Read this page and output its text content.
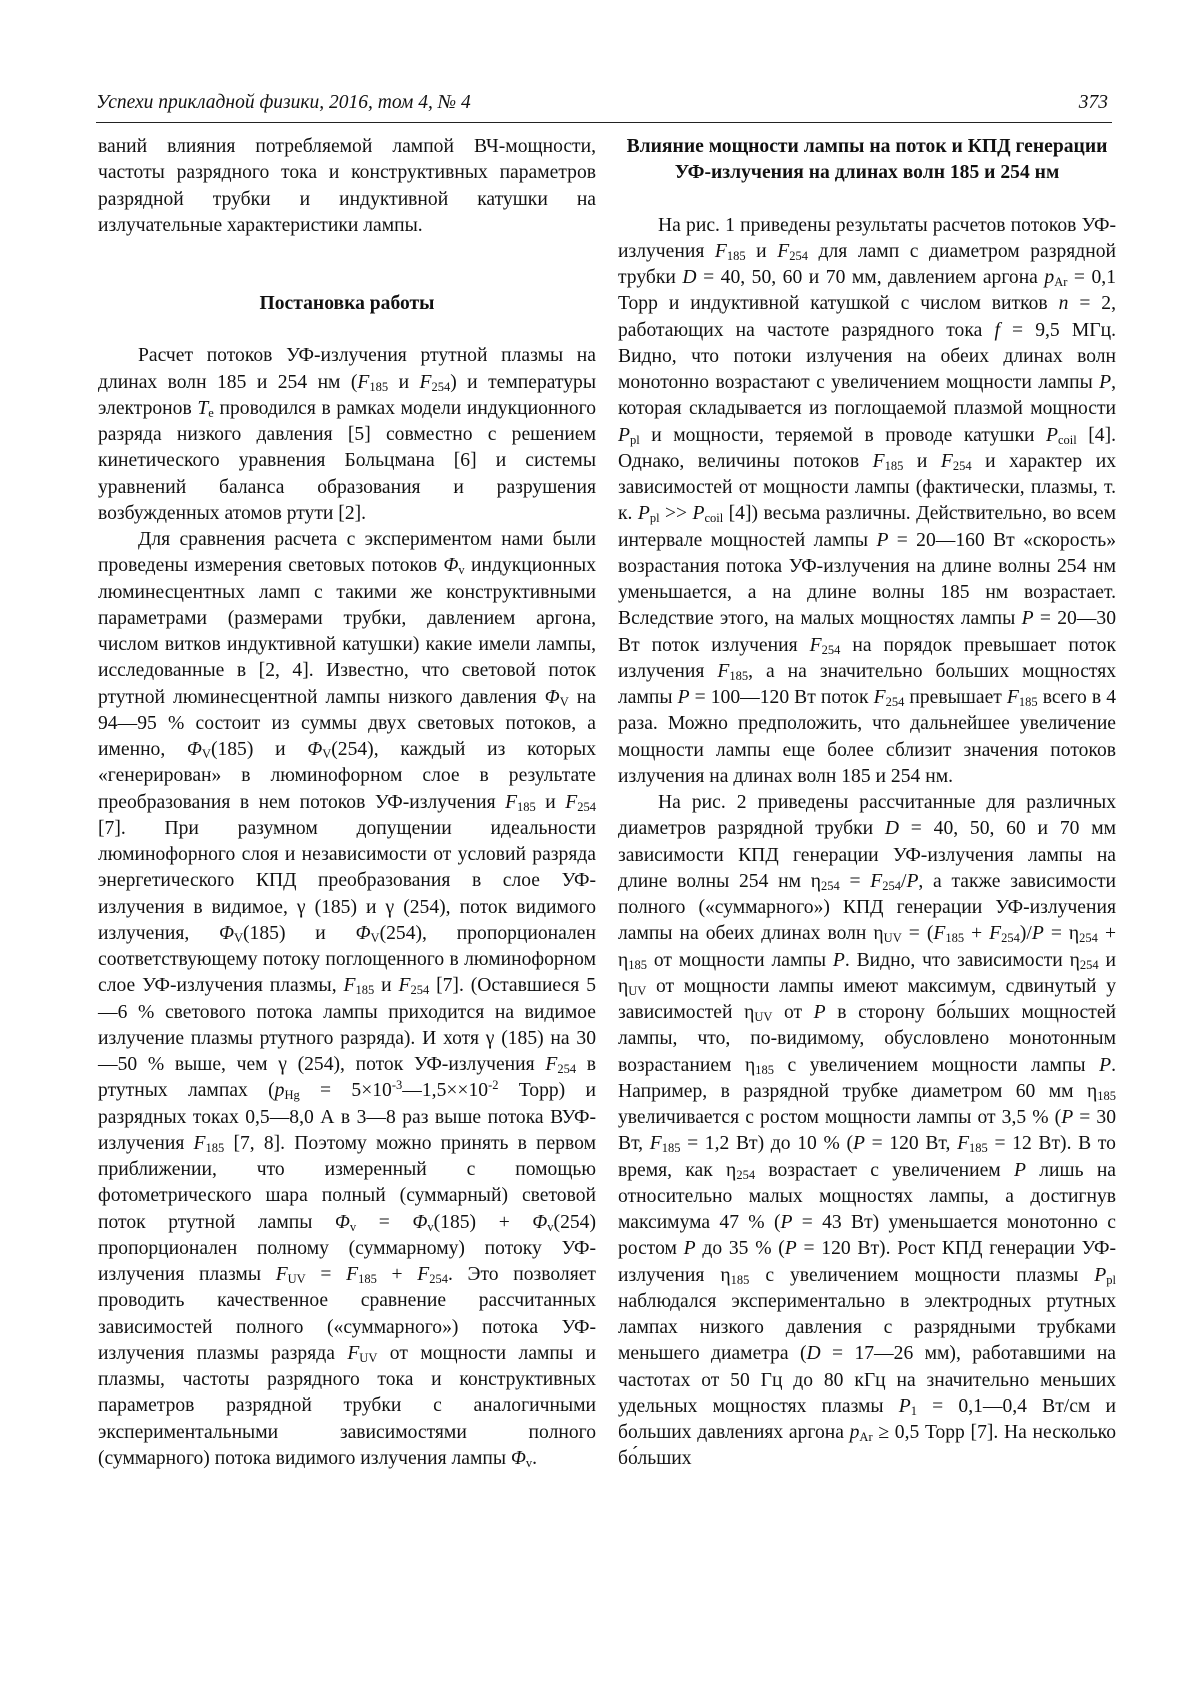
Успехи прикладной физики, 2016, том 4, № 4	373

ваний влияния потребляемой лампой ВЧ-мощности, частоты разрядного тока и конструктивных параметров разрядной трубки и индуктивной катушки на излучательные характеристики лампы.

Постановка работы

Расчет потоков УФ-излучения ртутной плазмы на длинах волн 185 и 254 нм ($F_{185}$ и $F_{254}$) и температуры электронов $T_e$ проводился в рамках модели индукционного разряда низкого давления [5] совместно с решением кинетического уравнения Больцмана [6] и системы уравнений баланса образования и разрушения возбужденных атомов ртути [2].

Для сравнения расчета с экспериментом нами были проведены измерения световых потоков $\Phi_v$ индукционных люминесцентных ламп с такими же конструктивными параметрами (размерами трубки, давлением аргона, числом витков индуктивной катушки) какие имели лампы, исследованные в [2, 4]. Известно, что световой поток ртутной люминесцентной лампы низкого давления $\Phi_V$ на 94—95 % состоит из суммы двух световых потоков, а именно, $\Phi_V(185)$ и $\Phi_V(254)$, каждый из которых «генерирован» в люминофорном слое в результате преобразования в нем потоков УФ-излучения $F_{185}$ и $F_{254}$ [7]. При разумном допущении идеальности люминофорного слоя и независимости от условий разряда энергетического КПД преобразования в слое УФ-излучения в видимое, γ (185) и γ (254), поток видимого излучения, $\Phi_V(185)$ и $\Phi_V(254)$, пропорционален соответствующему потоку поглощенного в люминофорном слое УФ-излучения плазмы, $F_{185}$ и $F_{254}$ [7]. (Оставшиеся 5—6 % светового потока лампы приходится на видимое излучение плазмы ртутного разряда). И хотя γ (185) на 30—50 % выше, чем γ (254), поток УФ-излучения $F_{254}$ в ртутных лампах ($p_{Hg}$ = $5\times 10^{-3}—1,5\times\times 10^{-2}$ Торр) и разрядных токах 0,5—8,0 А в 3—8 раз выше потока ВУФ-излучения $F_{185}$ [7, 8]. Поэтому можно принять в первом приближении, что измеренный с помощью фотометрического шара полный (суммарный) световой поток ртутной лампы $\Phi_v = \Phi_v(185) + \Phi_v(254)$ пропорционален полному (суммарному) потоку УФ-излучения плазмы $F_{UV} = F_{185} + F_{254}$. Это позволяет проводить качественное сравнение рассчитанных зависимостей полного («суммарного») потока УФ-излучения плазмы разряда $F_{UV}$ от мощности лампы и плазмы, частоты разрядного тока и конструктивных параметров разрядной трубки с аналогичными экспериментальными зависимостями полного (суммарного) потока видимого излучения лампы $\Phi_v$.

Влияние мощности лампы на поток и КПД генерации УФ-излучения на длинах волн 185 и 254 нм

На рис. 1 приведены результаты расчетов потоков УФ-излучения $F_{185}$ и $F_{254}$ для ламп с диаметром разрядной трубки D = 40, 50, 60 и 70 мм, давлением аргона $p_{Ar} = 0,1$ Торр и индуктивной катушкой с числом витков n = 2, работающих на частоте разрядного тока f = 9,5 МГц. Видно, что потоки излучения на обеих длинах волн монотонно возрастают с увеличением мощности лампы P, которая складывается из поглощаемой плазмой мощности $P_{pl}$ и мощности, теряемой в проводе катушки $P_{coil}$ [4]. Однако, величины потоков $F_{185}$ и $F_{254}$ и характер их зависимостей от мощности лампы (фактически, плазмы, т. к. $P_{pl} >> P_{coil}$ [4]) весьма различны. Действительно, во всем интервале мощностей лампы P = 20—160 Вт «скорость» возрастания потока УФ-излучения на длине волны 254 нм уменьшается, а на длине волны 185 нм возрастает. Вследствие этого, на малых мощностях лампы P = 20—30 Вт поток излучения $F_{254}$ на порядок превышает поток излучения $F_{185}$, а на значительно больших мощностях лампы P = 100—120 Вт поток $F_{254}$ превышает $F_{185}$ всего в 4 раза. Можно предположить, что дальнейшее увеличение мощности лампы еще более сблизит значения потоков излучения на длинах волн 185 и 254 нм.

На рис. 2 приведены рассчитанные для различных диаметров разрядной трубки D = 40, 50, 60 и 70 мм зависимости КПД генерации УФ-излучения лампы на длине волны 254 нм $\eta_{254} = F_{254}/P$, а также зависимости полного («суммарного») КПД генерации УФ-излучения лампы на обеих длинах волн $\eta_{UV} = (F_{185} + F_{254})/P = \eta_{254} + \eta_{185}$ от мощности лампы P. Видно, что зависимости $\eta_{254}$ и $\eta_{UV}$ от мощности лампы имеют максимум, сдвинутый у зависимостей $\eta_{UV}$ от P в сторону бо́льших мощностей лампы, что, по-видимому, обусловлено монотонным возрастанием $\eta_{185}$ с увеличением мощности лампы P. Например, в разрядной трубке диаметром 60 мм $\eta_{185}$ увеличивается с ростом мощности лампы от 3,5 % (P = 30 Вт, $F_{185} = 1,2$ Вт) до 10 % (P = 120 Вт, $F_{185} = 12$ Вт). В то время, как $\eta_{254}$ возрастает с увеличением P лишь на относительно малых мощностях лампы, а достигнув максимума 47 % (P = 43 Вт) уменьшается монотонно с ростом P до 35 % (P = 120 Вт). Рост КПД генерации УФ-излучения $\eta_{185}$ с увеличением мощности плазмы $P_{pl}$ наблюдался экспериментально в электродных ртутных лампах низкого давления с разрядными трубками меньшего диаметра (D = 17—26 мм), работавшими на частотах от 50 Гц до 80 кГц на значительно меньших удельных мощностях плазмы $P_1$ = 0,1—0,4 Вт/см и больших давлениях аргона $p_{Ar} \ge 0,5$ Торр [7]. На несколько бо́льших
